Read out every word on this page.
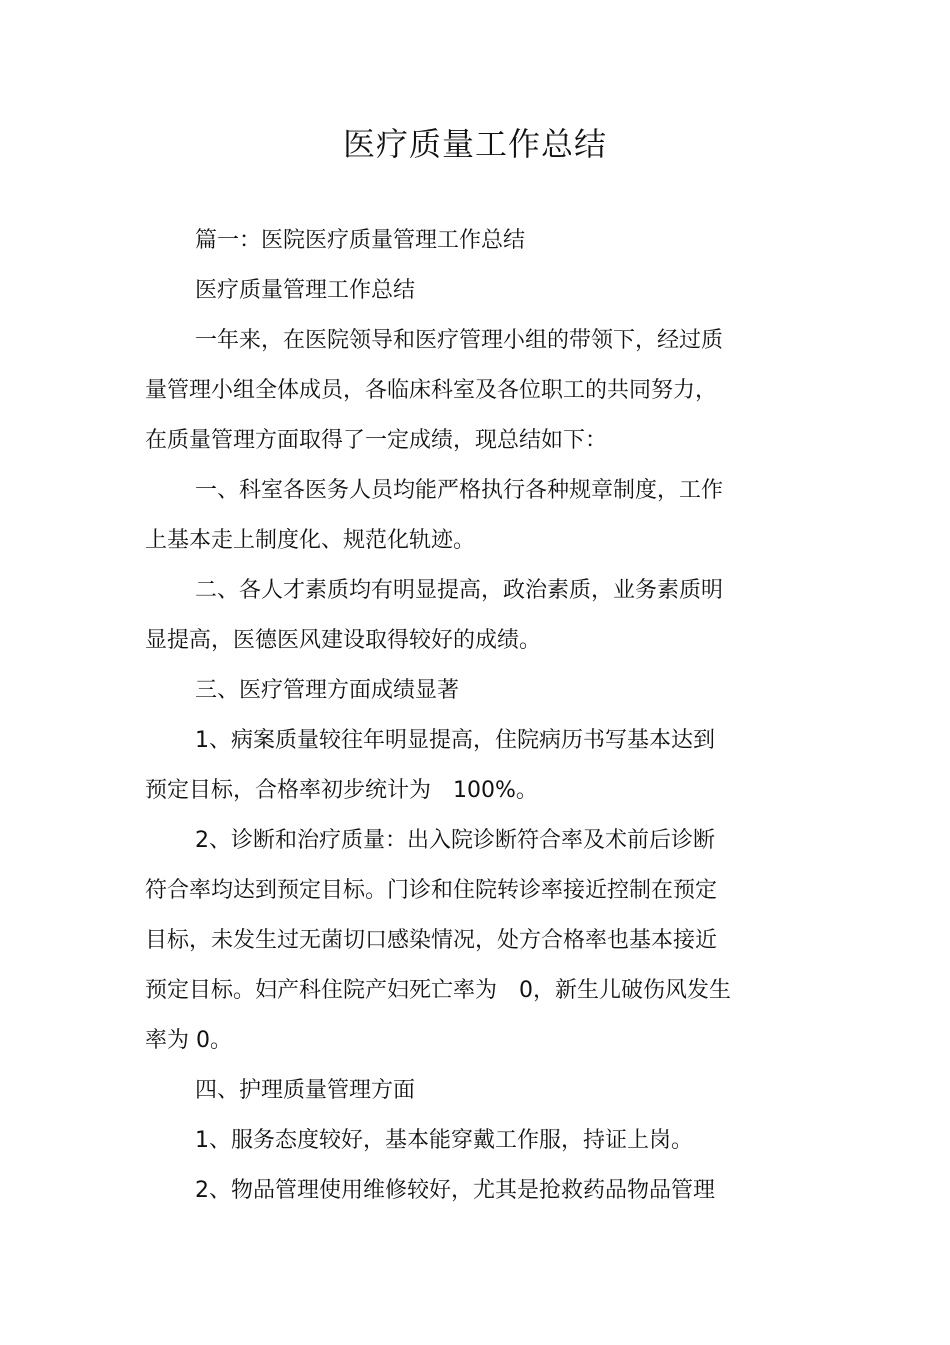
医疗质量工作总结

篇一：医院医疗质量管理工作总结

医疗质量管理工作总结

一年来，在医院领导和医疗管理小组的带领下，经过质

量管理小组全体成员，各临床科室及各位职工的共同努力，

在质量管理方面取得了一定成绩，现总结如下：

一、科室各医务人员均能严格执行各种规章制度，工作

上基本走上制度化、规范化轨迹。

二、各人才素质均有明显提高，政治素质，业务素质明

显提高，医德医风建设取得较好的成绩。

三、医疗管理方面成绩显著

1、病案质量较往年明显提高，住院病历书写基本达到

预定目标，合格率初步统计为　100%。

2、诊断和治疗质量：出入院诊断符合率及术前后诊断

符合率均达到预定目标。门诊和住院转诊率接近控制在预定

目标，未发生过无菌切口感染情况，处方合格率也基本接近

预定目标。妇产科住院产妇死亡率为　0，新生儿破伤风发生

率为 0。

四、护理质量管理方面

1、服务态度较好，基本能穿戴工作服，持证上岗。

2、物品管理使用维修较好，尤其是抢救药品物品管理
